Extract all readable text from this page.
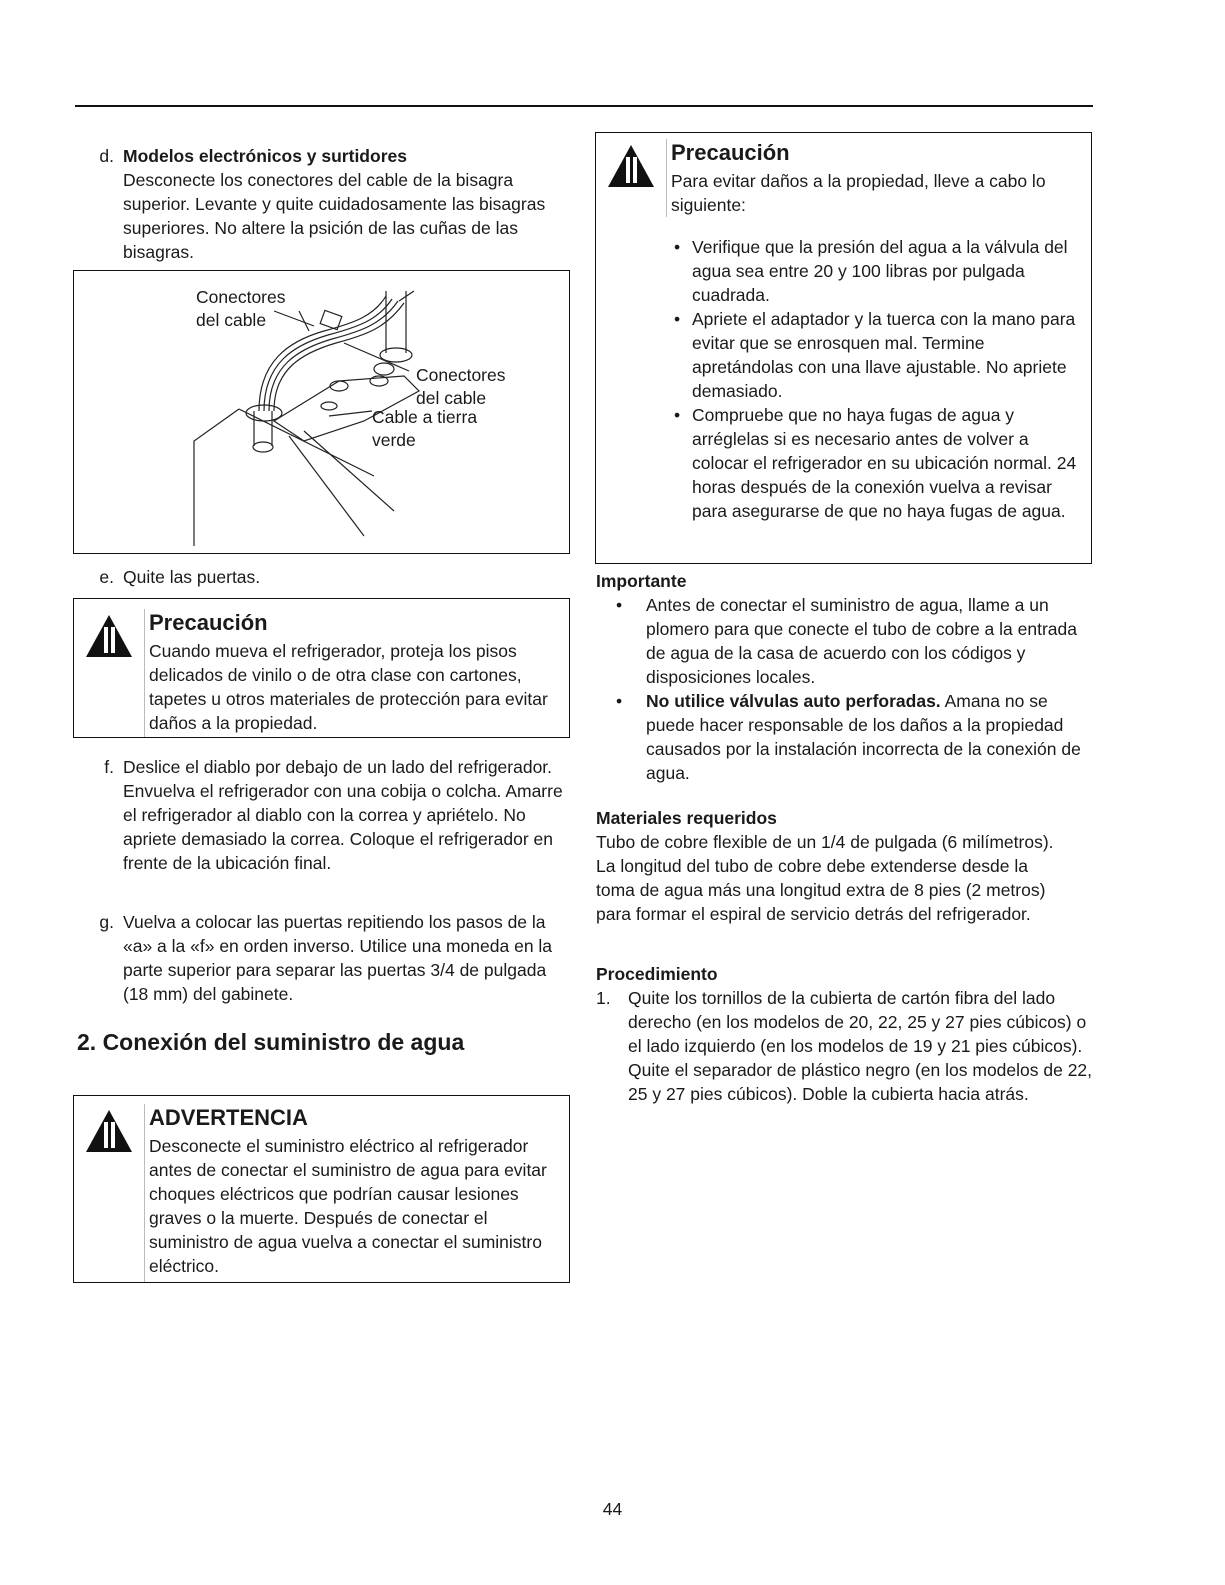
d. Modelos electrónicos y surtidores
Desconecte los conectores del cable de la bisagra superior. Levante y quite cuidadosamente las bisagras superiores. No altere la psición de las cuñas de las bisagras.
Conectores
del cable
Conectores
del cable
Cable a tierra
verde
e. Quite las puertas.
Precaución
Cuando mueva el refrigerador, proteja los pisos delicados de vinilo o de otra clase con cartones, tapetes u otros materiales de protección para evitar daños a la propiedad.
f. Deslice el diablo por debajo de un lado del refrigerador. Envuelva el refrigerador con una cobija o colcha. Amarre el refrigerador al diablo con la correa y apriételo. No apriete demasiado la correa. Coloque el refrigerador en frente de la ubicación final.
g. Vuelva a colocar las puertas repitiendo los pasos de la «a» a la «f» en orden inverso. Utilice una moneda en la parte superior para separar las puertas 3/4 de pulgada (18 mm) del gabinete.
2. Conexión del suministro de agua
ADVERTENCIA
Desconecte el suministro eléctrico al refrigerador antes de conectar el suministro de agua para evitar choques eléctricos que podrían causar lesiones graves o la muerte. Después de conectar el suministro de agua vuelva a conectar el suministro eléctrico.
Precaución
Para evitar daños a la propiedad, lleve a cabo lo siguiente:
• Verifique que la presión del agua a la válvula del agua sea entre 20 y 100 libras por pulgada cuadrada.
• Apriete el adaptador y la tuerca con la mano para evitar que se enrosquen mal. Termine apretándolas con una llave ajustable. No apriete demasiado.
• Compruebe que no haya fugas de agua y arréglelas si es necesario antes de volver a colocar el refrigerador en su ubicación normal. 24 horas después de la conexión vuelva a revisar para asegurarse de que no haya fugas de agua.
Importante
•	Antes de conectar el suministro de agua, llame a un plomero para que conecte el tubo de cobre a la entrada de agua de la casa de acuerdo con los códigos y disposiciones locales.
•	No utilice válvulas auto perforadas. Amana no se puede hacer responsable de los daños a la propiedad causados por la instalación incorrecta de la conexión de agua.
Materiales requeridos
Tubo de cobre flexible de un 1/4 de pulgada (6 milímetros). La longitud del tubo de cobre debe extenderse desde la toma de agua más una longitud extra de 8 pies (2 metros) para formar el espiral de servicio detrás del refrigerador.
Procedimiento
1. Quite los tornillos de la cubierta de cartón fibra del lado derecho (en los modelos de 20, 22, 25 y 27 pies cúbicos) o el lado izquierdo (en los modelos de 19 y 21 pies cúbicos). Quite el separador de plástico negro (en los modelos de 22, 25 y 27 pies cúbicos). Doble la cubierta hacia atrás.
44
